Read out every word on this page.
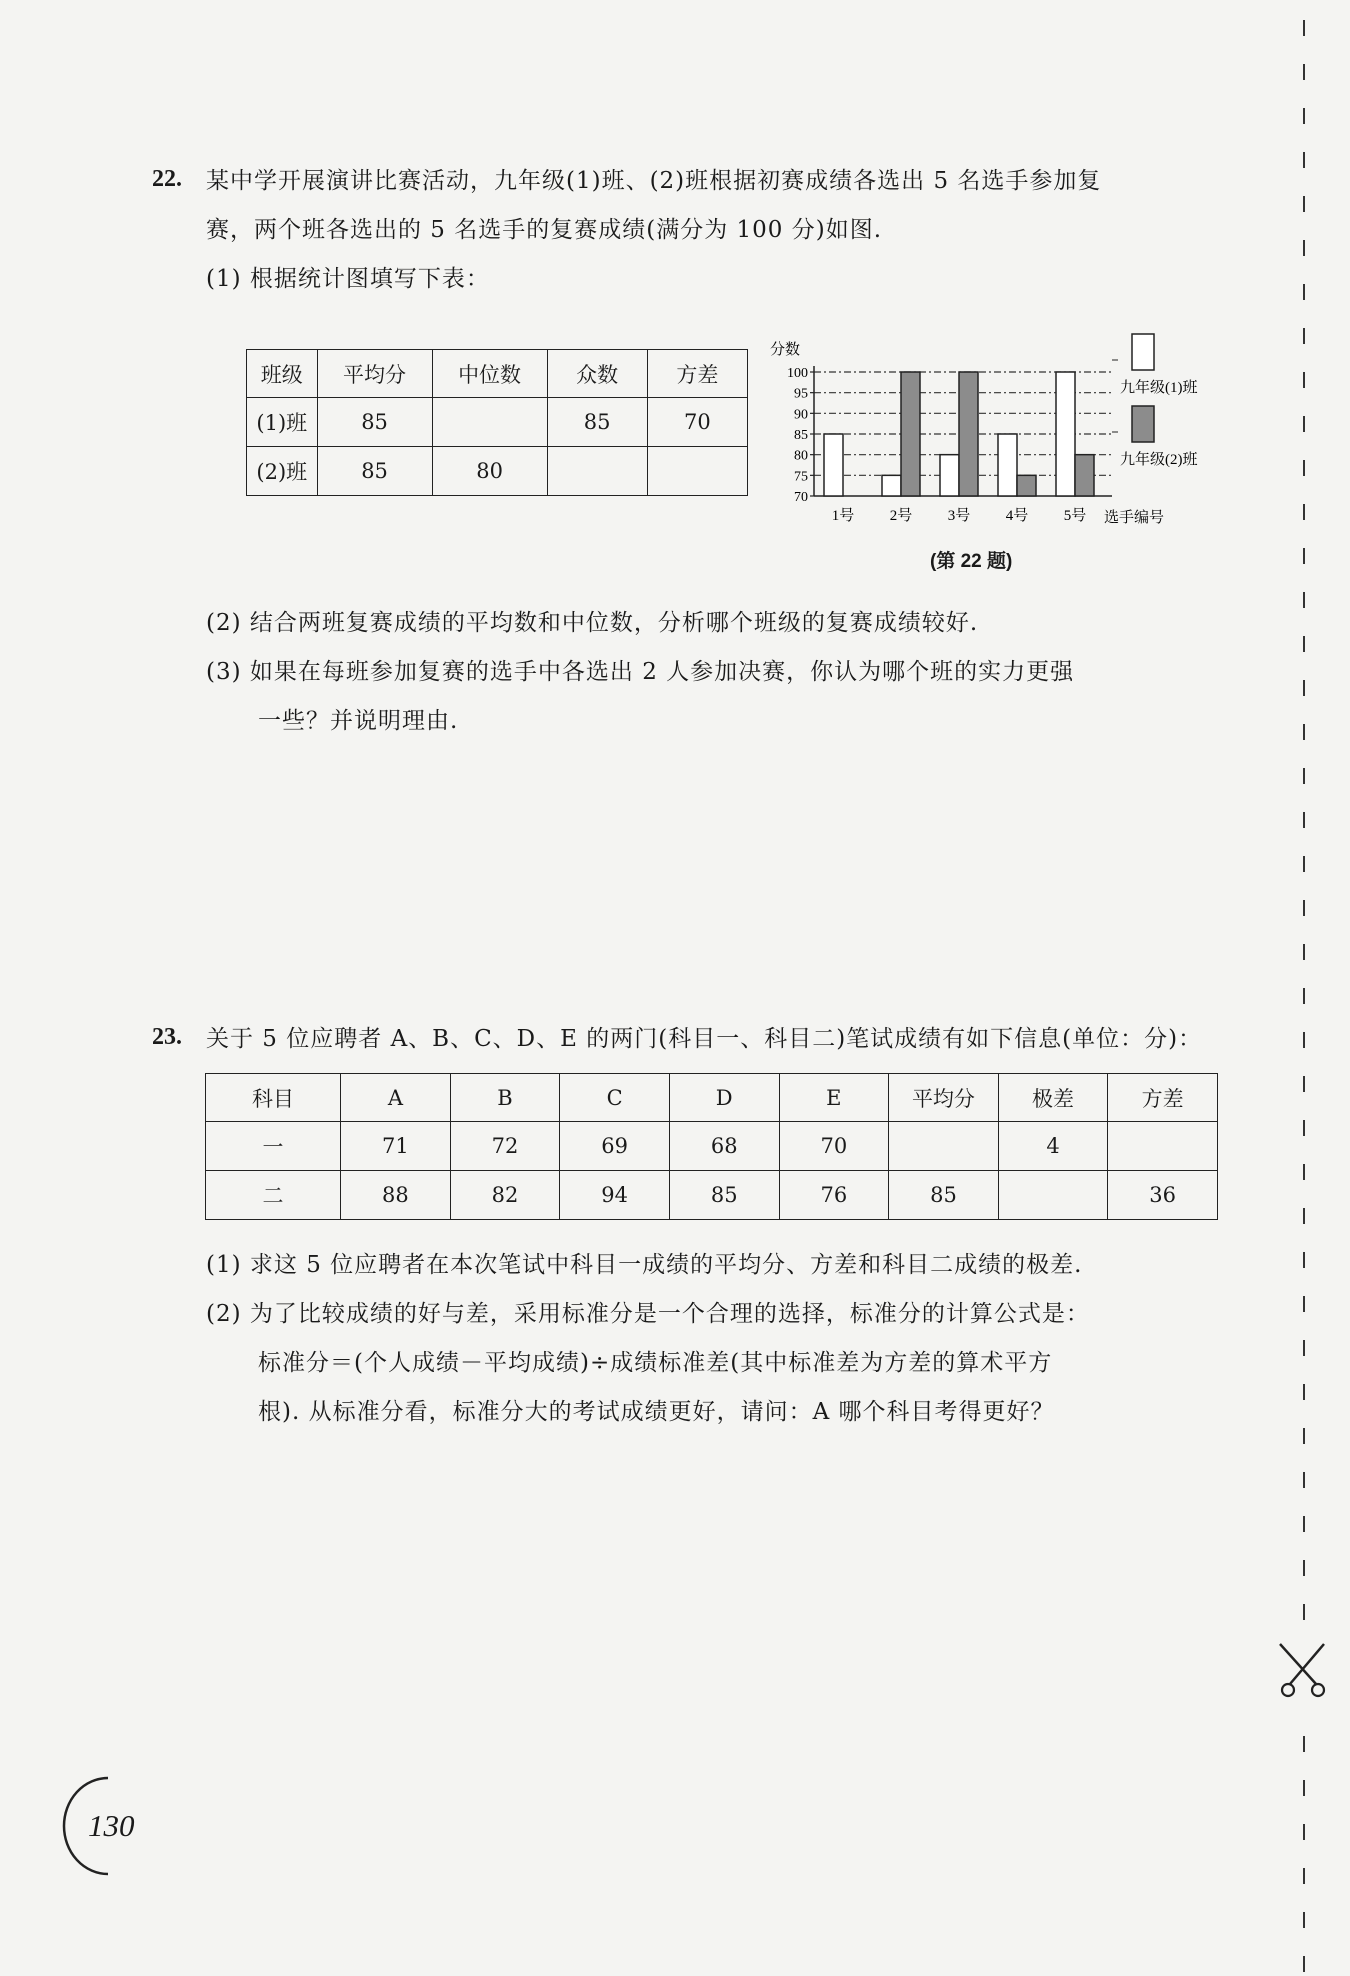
22. 某中学开展演讲比赛活动，九年级(1)班、(2)班根据初赛成绩各选出 5 名选手参加复
赛，两个班各选出的 5 名选手的复赛成绩(满分为 100 分)如图.
(1) 根据统计图填写下表：
班级	平均分	中位数	众数	方差
(1)班	85		85	70
(2)班	85	80		
分数
70
75
80
85
90
95
100
1号 2号 3号 4号 5号 选手编号
九年级(1)班
九年级(2)班
(第 22 题)
(2) 结合两班复赛成绩的平均数和中位数，分析哪个班级的复赛成绩较好.
(3) 如果在每班参加复赛的选手中各选出 2 人参加决赛，你认为哪个班的实力更强
一些？并说明理由.
23. 关于 5 位应聘者 A、B、C、D、E 的两门(科目一、科目二)笔试成绩有如下信息(单位：分)：
科目	A	B	C	D	E	平均分	极差	方差
一	71	72	69	68	70		4	
二	88	82	94	85	76	85		36
(1) 求这 5 位应聘者在本次笔试中科目一成绩的平均分、方差和科目二成绩的极差.
(2) 为了比较成绩的好与差，采用标准分是一个合理的选择，标准分的计算公式是：
标准分＝(个人成绩－平均成绩)÷成绩标准差(其中标准差为方差的算术平方
根). 从标准分看，标准分大的考试成绩更好，请问：A 哪个科目考得更好？
130
